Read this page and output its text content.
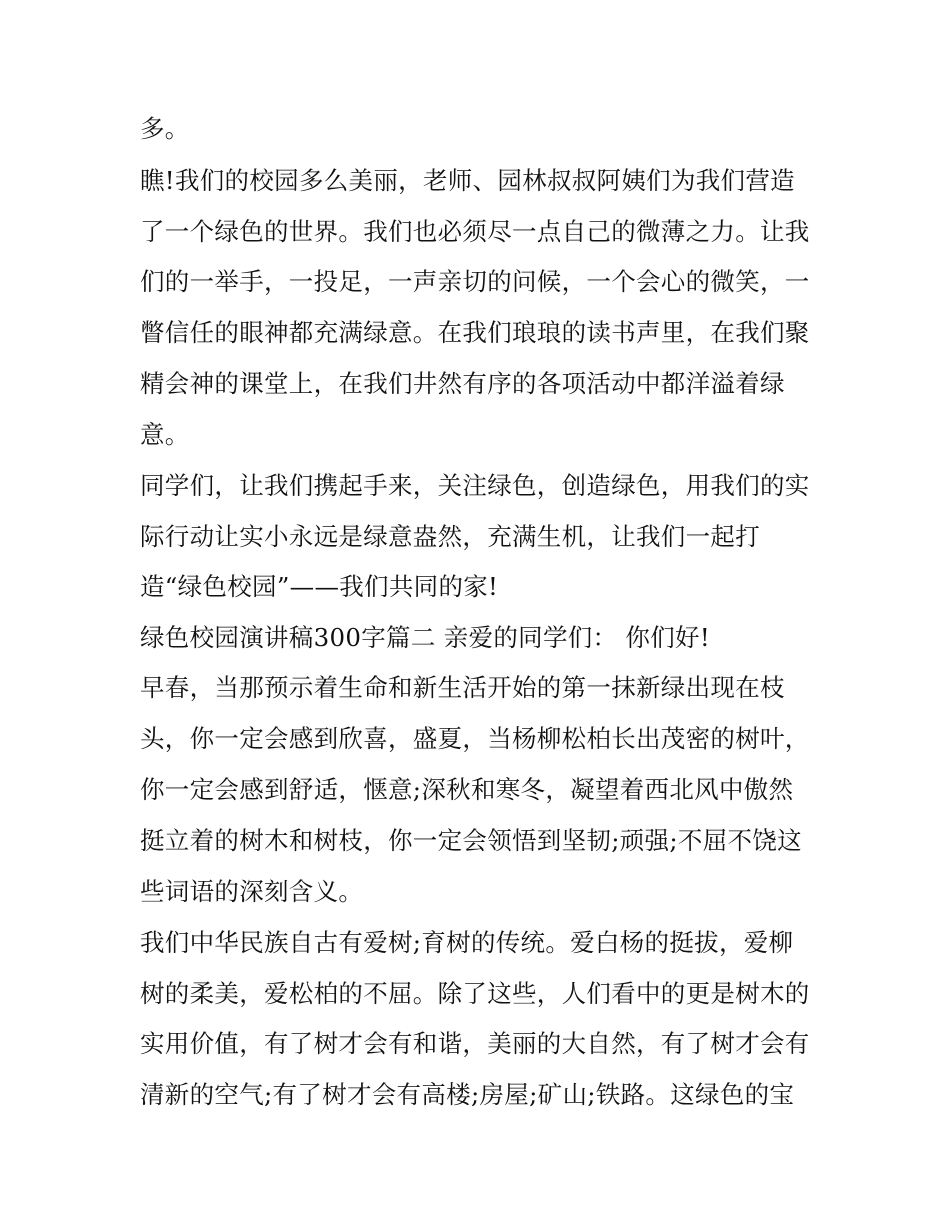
多。
瞧!我们的校园多么美丽，老师、园林叔叔阿姨们为我们营造
了一个绿色的世界。我们也必须尽一点自己的微薄之力。让我
们的一举手，一投足，一声亲切的问候，一个会心的微笑，一
瞥信任的眼神都充满绿意。在我们琅琅的读书声里，在我们聚
精会神的课堂上，在我们井然有序的各项活动中都洋溢着绿
意。
同学们，让我们携起手来，关注绿色，创造绿色，用我们的实
际行动让实小永远是绿意盎然，充满生机，让我们一起打
造“绿色校园”——我们共同的家!
绿色校园演讲稿300字篇二 亲爱的同学们： 你们好!
早春，当那预示着生命和新生活开始的第一抹新绿出现在枝
头，你一定会感到欣喜，盛夏，当杨柳松柏长出茂密的树叶，
你一定会感到舒适，惬意;深秋和寒冬，凝望着西北风中傲然
挺立着的树木和树枝，你一定会领悟到坚韧;顽强;不屈不饶这
些词语的深刻含义。
我们中华民族自古有爱树;育树的传统。爱白杨的挺拔，爱柳
树的柔美，爱松柏的不屈。除了这些，人们看中的更是树木的
实用价值，有了树才会有和谐，美丽的大自然，有了树才会有
清新的空气;有了树才会有高楼;房屋;矿山;铁路。这绿色的宝
